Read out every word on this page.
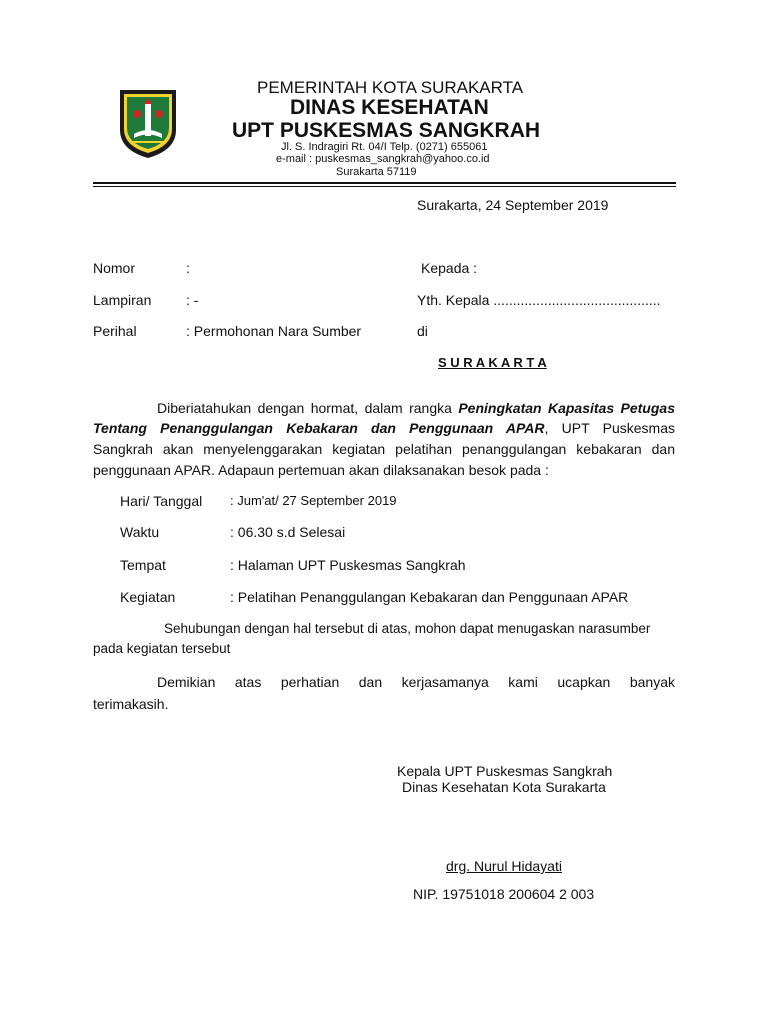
PEMERINTAH KOTA SURAKARTA
DINAS KESEHATAN
UPT PUSKESMAS SANGKRAH
Jl. S. Indragiri Rt. 04/I Telp. (0271) 655061
e-mail : puskesmas_sangkrah@yahoo.co.id
Surakarta 57119
Surakarta, 24 September 2019
Nomor	:
Lampiran : -
Perihal	: Permohonan Nara Sumber
Kepada :
Yth. Kepala ...........................................
di
S U R A K A R T A
Diberiatahukan dengan hormat, dalam rangka Peningkatan Kapasitas Petugas
Tentang Penanggulangan Kebakaran dan Penggunaan APAR, UPT Puskesmas
Sangkrah akan menyelenggarakan kegiatan pelatihan penanggulangan kebakaran dan
penggunaan APAR. Adapaun pertemuan akan dilaksanakan besok pada :
Hari/ Tanggal : Jum'at/ 27 September 2019
Waktu	: 06.30 s.d Selesai
Tempat	: Halaman UPT Puskesmas Sangkrah
Kegiatan	: Pelatihan Penanggulangan Kebakaran dan Penggunaan APAR
Sehubungan dengan hal tersebut di atas, mohon dapat menugaskan narasumber
pada kegiatan tersebut
Demikian atas perhatian dan kerjasamanya kami ucapkan banyak
terimakasih.
Kepala UPT Puskesmas Sangkrah
Dinas Kesehatan Kota Surakarta
drg. Nurul Hidayati
NIP. 19751018 200604 2 003
